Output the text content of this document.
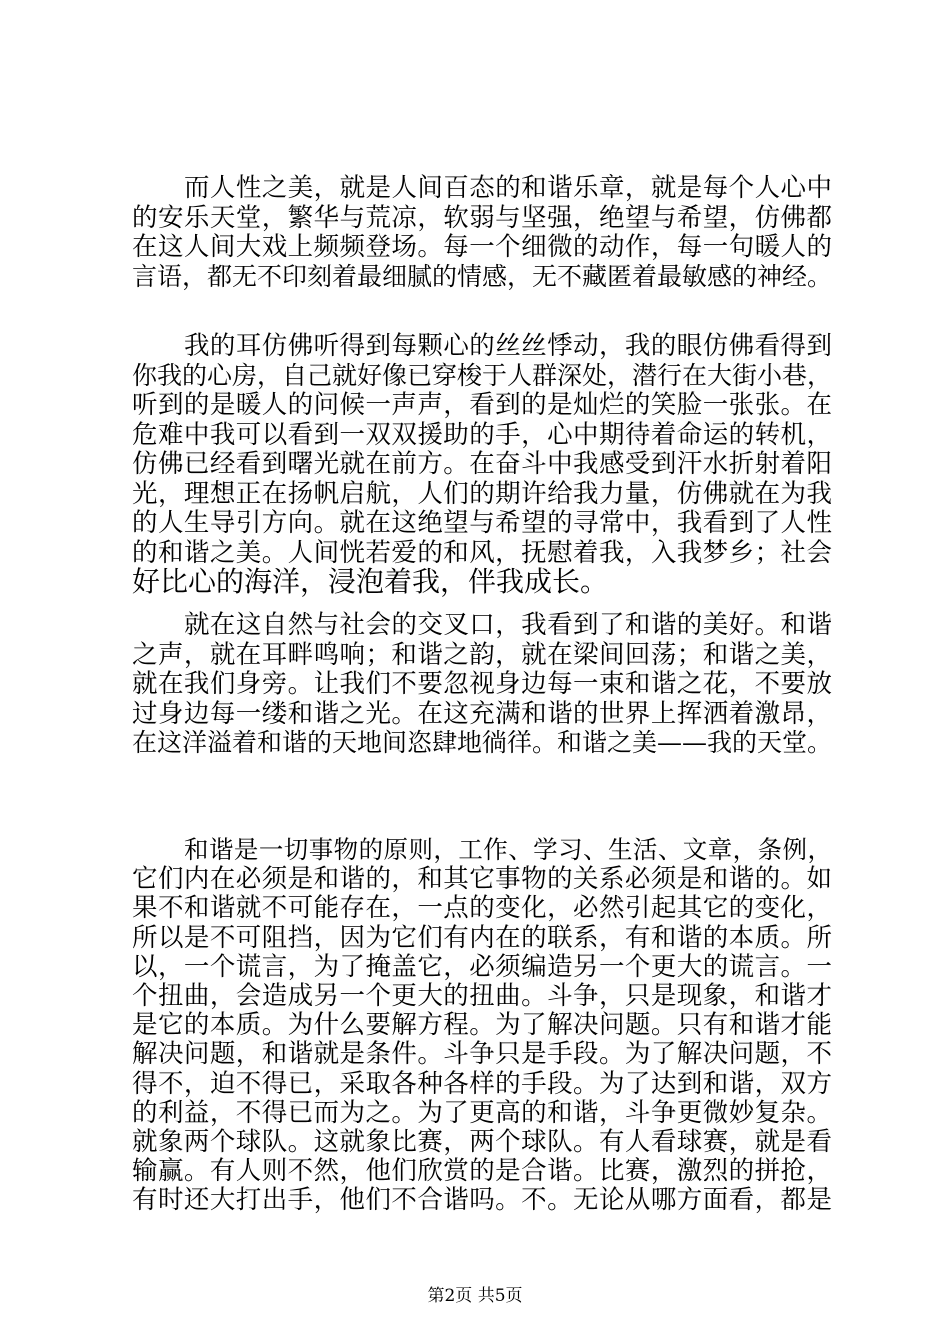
而人性之美，就是人间百态的和谐乐章，就是每个人心中
的安乐天堂，繁华与荒凉，软弱与坚强，绝望与希望，仿佛都
在这人间大戏上频频登场。每一个细微的动作，每一句暖人的
言语，都无不印刻着最细腻的情感，无不藏匿着最敏感的神经。
我的耳仿佛听得到每颗心的丝丝悸动，我的眼仿佛看得到
你我的心房，自己就好像已穿梭于人群深处，潜行在大街小巷，
听到的是暖人的问候一声声，看到的是灿烂的笑脸一张张。在
危难中我可以看到一双双援助的手，心中期待着命运的转机，
仿佛已经看到曙光就在前方。在奋斗中我感受到汗水折射着阳
光，理想正在扬帆启航，人们的期许给我力量，仿佛就在为我
的人生导引方向。就在这绝望与希望的寻常中，我看到了人性
的和谐之美。人间恍若爱的和风，抚慰着我，入我梦乡；社会
好比心的海洋，浸泡着我，伴我成长。
就在这自然与社会的交叉口，我看到了和谐的美好。和谐
之声，就在耳畔鸣响；和谐之韵，就在梁间回荡；和谐之美，
就在我们身旁。让我们不要忽视身边每一束和谐之花，不要放
过身边每一缕和谐之光。在这充满和谐的世界上挥洒着激昂，
在这洋溢着和谐的天地间恣肆地徜徉。和谐之美——我的天堂。
和谐是一切事物的原则，工作、学习、生活、文章，条例，
它们内在必须是和谐的，和其它事物的关系必须是和谐的。如
果不和谐就不可能存在，一点的变化，必然引起其它的变化，
所以是不可阻挡，因为它们有内在的联系，有和谐的本质。所
以，一个谎言，为了掩盖它，必须编造另一个更大的谎言。一
个扭曲，会造成另一个更大的扭曲。斗争，只是现象，和谐才
是它的本质。为什么要解方程。为了解决问题。只有和谐才能
解决问题，和谐就是条件。斗争只是手段。为了解决问题，不
得不，迫不得已，采取各种各样的手段。为了达到和谐，双方
的利益，不得已而为之。为了更高的和谐，斗争更微妙复杂。
就象两个球队。这就象比赛，两个球队。有人看球赛，就是看
输赢。有人则不然，他们欣赏的是合谐。比赛，激烈的拼抢，
有时还大打出手，他们不合谐吗。不。无论从哪方面看，都是
第2页 共5页
